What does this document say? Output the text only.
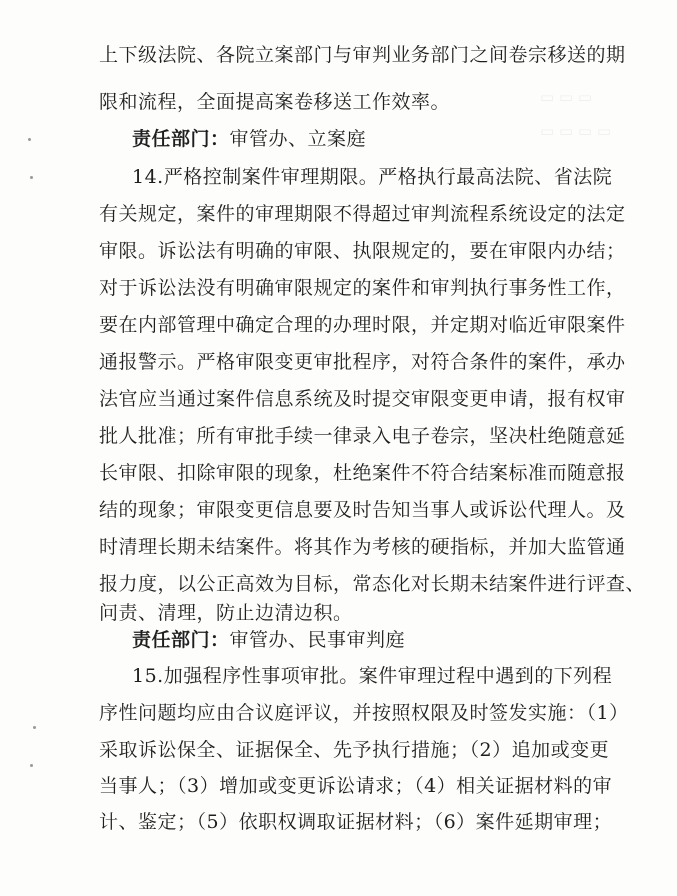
▭ ▭ ▭
▭ ▭ ▭ ▭
上下级法院、各院立案部门与审判业务部门之间卷宗移送的期
限和流程，全面提高案卷移送工作效率。
责任部门：审管办、立案庭
14.严格控制案件审理期限。严格执行最高法院、省法院
有关规定，案件的审理期限不得超过审判流程系统设定的法定
审限。诉讼法有明确的审限、执限规定的，要在审限内办结；
对于诉讼法没有明确审限规定的案件和审判执行事务性工作，
要在内部管理中确定合理的办理时限，并定期对临近审限案件
通报警示。严格审限变更审批程序，对符合条件的案件，承办
法官应当通过案件信息系统及时提交审限变更申请，报有权审
批人批准；所有审批手续一律录入电子卷宗，坚决杜绝随意延
长审限、扣除审限的现象，杜绝案件不符合结案标准而随意报
结的现象；审限变更信息要及时告知当事人或诉讼代理人。及
时清理长期未结案件。将其作为考核的硬指标，并加大监管通
报力度，以公正高效为目标，常态化对长期未结案件进行评查、
问责、清理，防止边清边积。
责任部门：审管办、民事审判庭
15.加强程序性事项审批。案件审理过程中遇到的下列程
序性问题均应由合议庭评议，并按照权限及时签发实施：（1）
采取诉讼保全、证据保全、先予执行措施；（2）追加或变更
当事人；（3）增加或变更诉讼请求；（4）相关证据材料的审
计、鉴定；（5）依职权调取证据材料；（6）案件延期审理；
